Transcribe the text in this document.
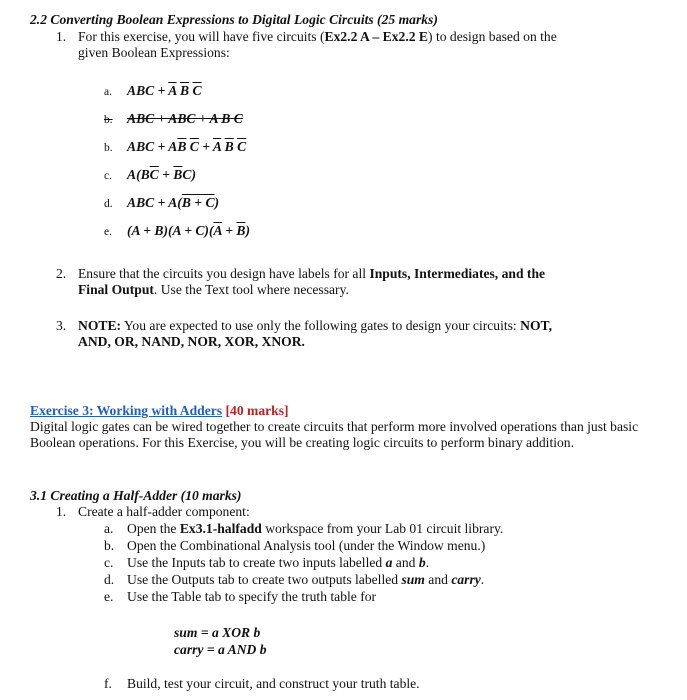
2.2 Converting Boolean Expressions to Digital Logic Circuits (25 marks)
1. For this exercise, you will have five circuits (Ex2.2 A – Ex2.2 E) to design based on the
given Boolean Expressions:
a. ABC + $\overline{A}$ $\overline{B}$ $\overline{C}$
b. ABC + ABC + A B C
b. ABC + $A\overline{B}$ $\overline{C} + \overline{A}$ $\overline{B}$ $\overline{C}$
c. $A(B\overline{C} + \overline{B}C)$
d. ABC + A(B + C)
e. $(A + B)(A + C)(\overline{A} + \overline{B})$
2. Ensure that the circuits you design have labels for all Inputs, Intermediates, and the
Final Output. Use the Text tool where necessary.
3. NOTE: You are expected to use only the following gates to design your circuits: NOT,
AND, OR, NAND, NOR, XOR, XNOR.
Exercise 3: Working with Adders [40 marks]
Digital logic gates can be wired together to create circuits that perform more involved operations than just basic Boolean operations. For this Exercise, you will be creating logic circuits to perform binary addition.
3.1 Creating a Half-Adder (10 marks)
1. Create a half-adder component:
a. Open the Ex3.1-halfadd workspace from your Lab 01 circuit library.
b. Open the Combinational Analysis tool (under the Window menu.)
c. Use the Inputs tab to create two inputs labelled a and b.
d. Use the Outputs tab to create two outputs labelled sum and carry.
e. Use the Table tab to specify the truth table for
sum = a XOR b
carry = a AND b
f. Build, test your circuit, and construct your truth table.
